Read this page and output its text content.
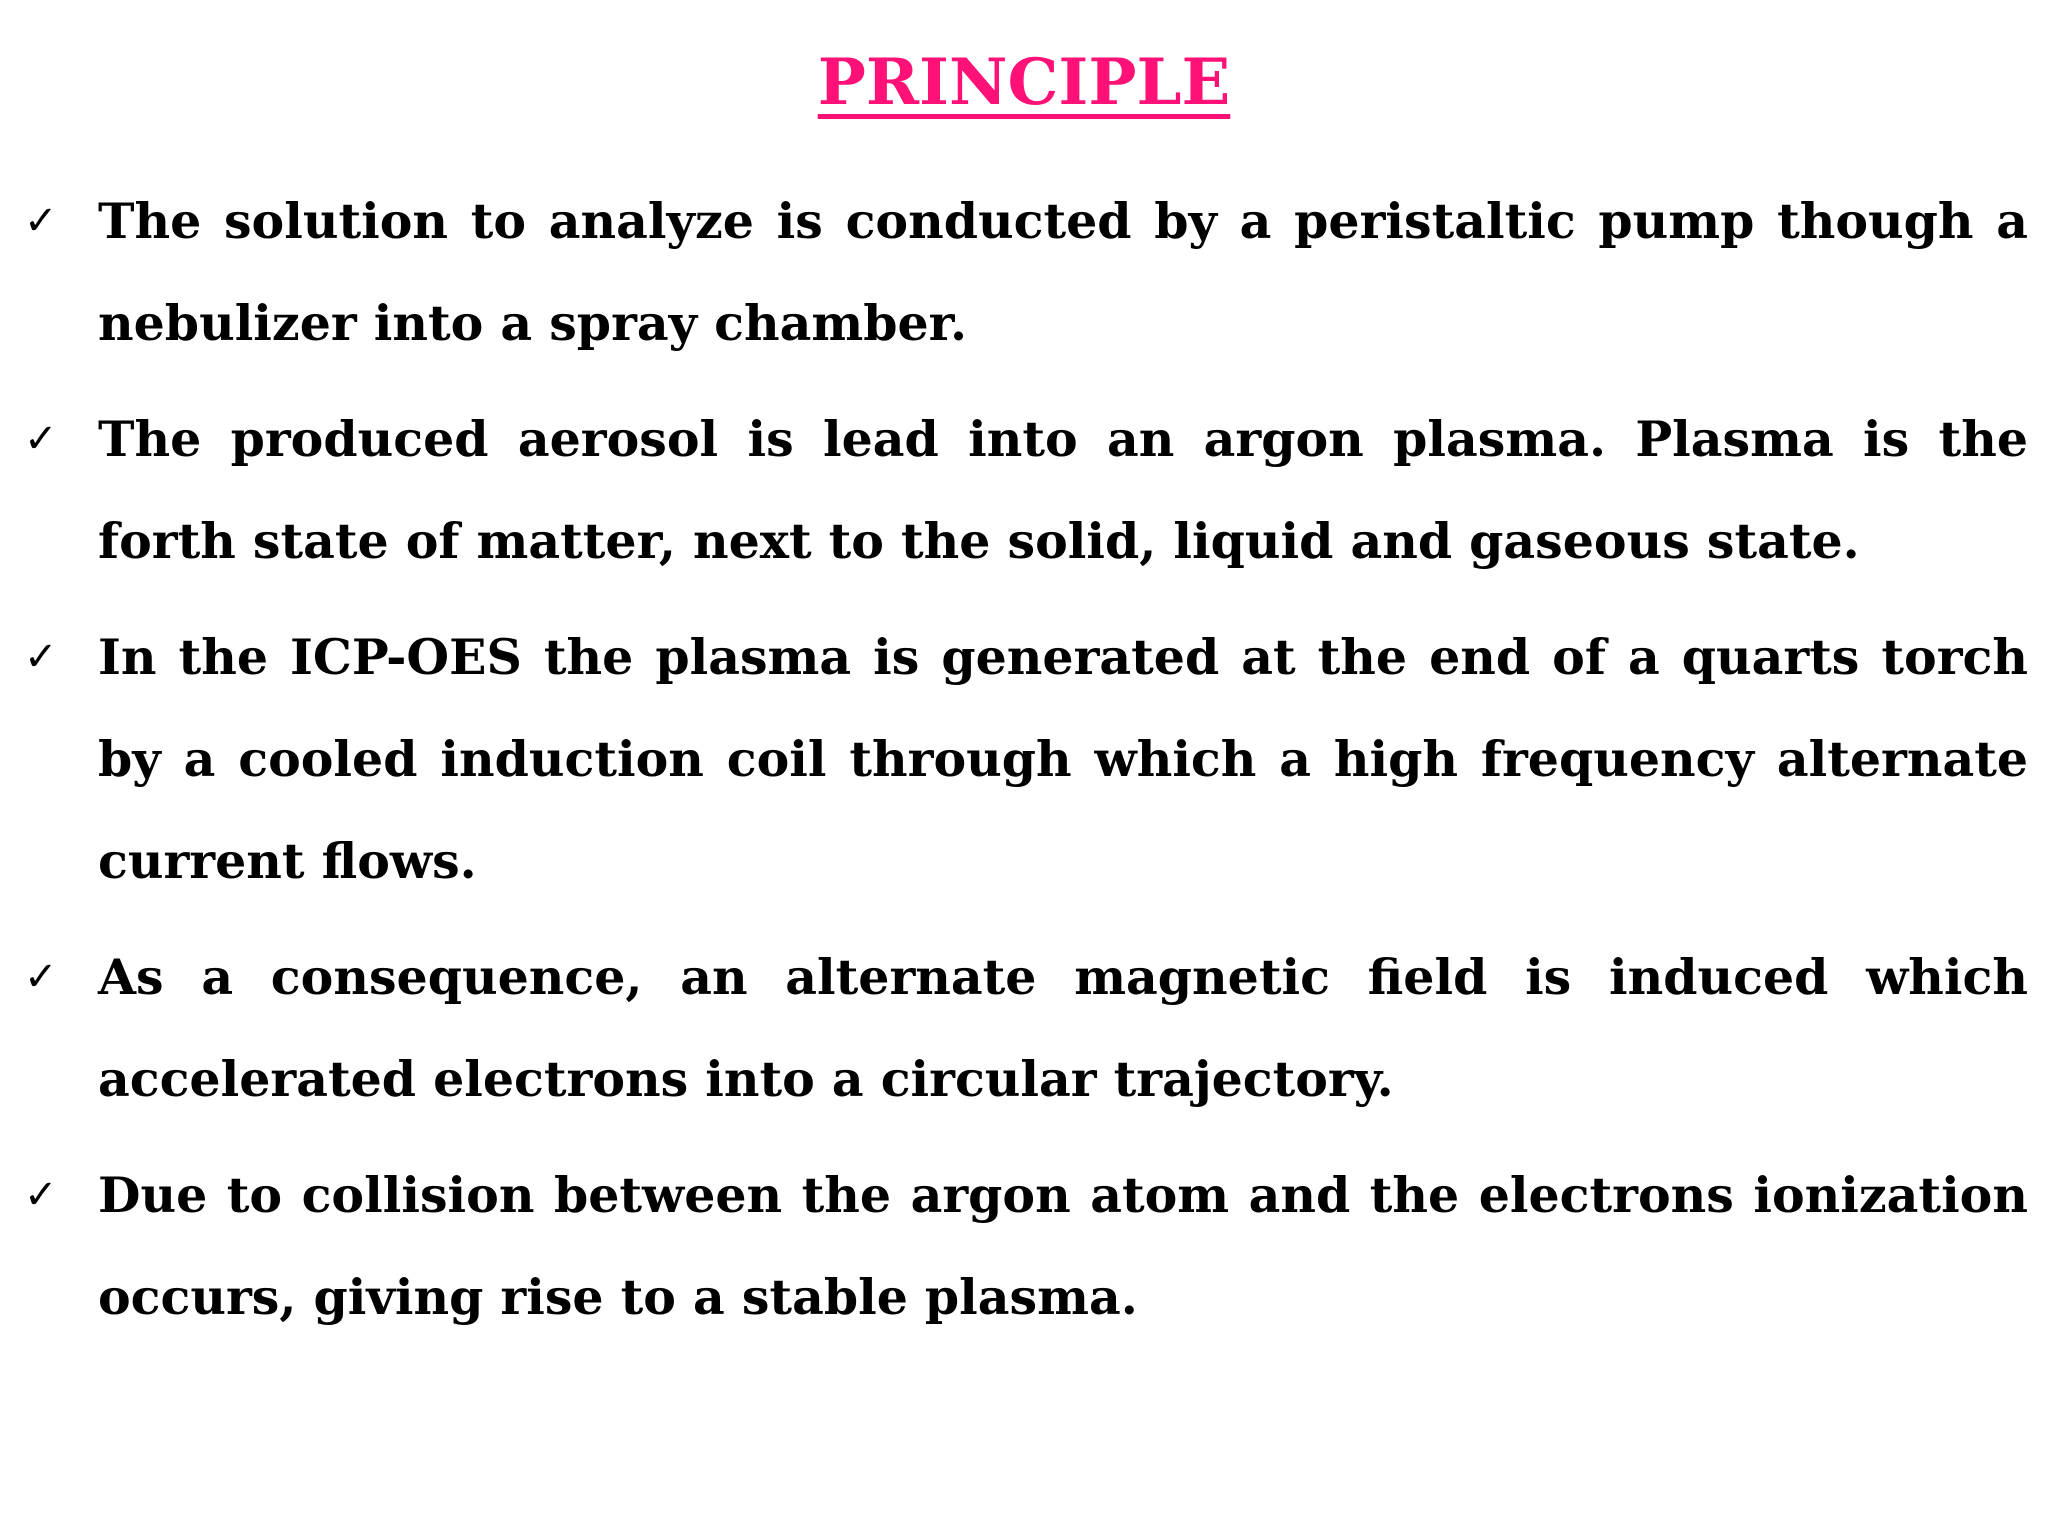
PRINCIPLE
✓ The solution to analyze is conducted by a peristaltic pump though a nebulizer into a spray chamber.
✓ The produced aerosol is lead into an argon plasma. Plasma is the forth state of matter, next to the solid, liquid and gaseous state.
✓ In the ICP-OES the plasma is generated at the end of a quarts torch by a cooled induction coil through which a high frequency alternate current flows.
✓ As a consequence, an alternate magnetic field is induced which accelerated electrons into a circular trajectory.
✓ Due to collision between the argon atom and the electrons ionization occurs, giving rise to a stable plasma.
